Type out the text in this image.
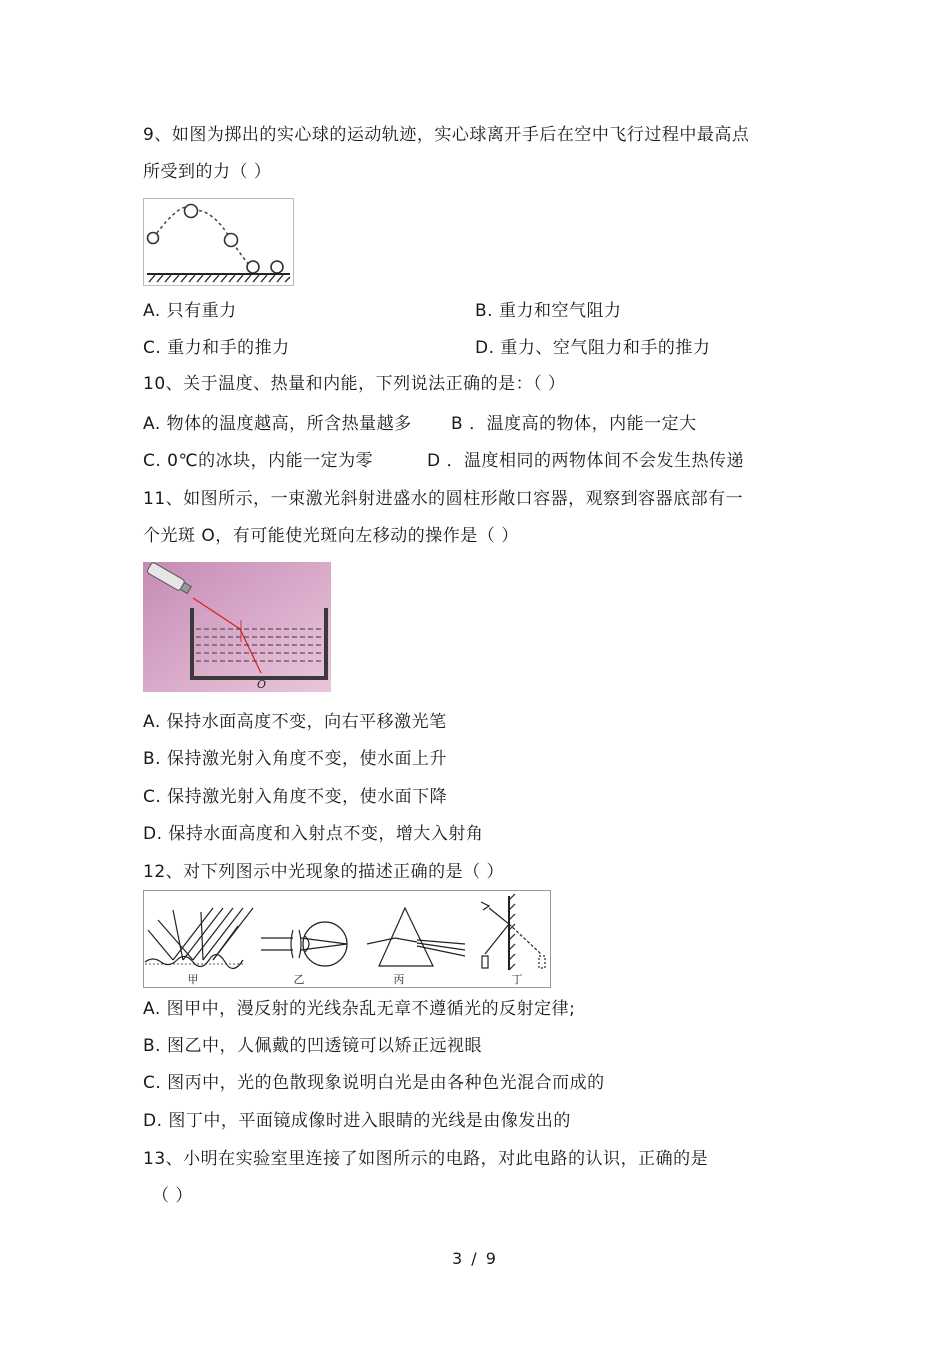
9、如图为掷出的实心球的运动轨迹，实心球离开手后在空中飞行过程中最高点
所受到的力（ ）
A. 只有重力	B. 重力和空气阻力
C. 重力和手的推力	D. 重力、空气阻力和手的推力
10、关于温度、热量和内能，下列说法正确的是：（ ）
A. 物体的温度越高，所含热量越多 B ．温度高的物体，内能一定大
C. 0℃的冰块，内能一定为零	D ．温度相同的两物体间不会发生热传递
11、如图所示，一束激光斜射进盛水的圆柱形敞口容器，观察到容器底部有一
个光斑 O，有可能使光斑向左移动的操作是（ ）
O
A. 保持水面高度不变，向右平移激光笔
B. 保持激光射入角度不变，使水面上升
C. 保持激光射入角度不变，使水面下降
D. 保持水面高度和入射点不变，增大入射角
12、对下列图示中光现象的描述正确的是（ ）
甲	乙	丙	丁
A. 图甲中，漫反射的光线杂乱无章不遵循光的反射定律;
B. 图乙中，人佩戴的凹透镜可以矫正远视眼
C. 图丙中，光的色散现象说明白光是由各种色光混合而成的
D. 图丁中，平面镜成像时进入眼睛的光线是由像发出的
13、小明在实验室里连接了如图所示的电路，对此电路的认识，正确的是
（ ）
3 / 9
